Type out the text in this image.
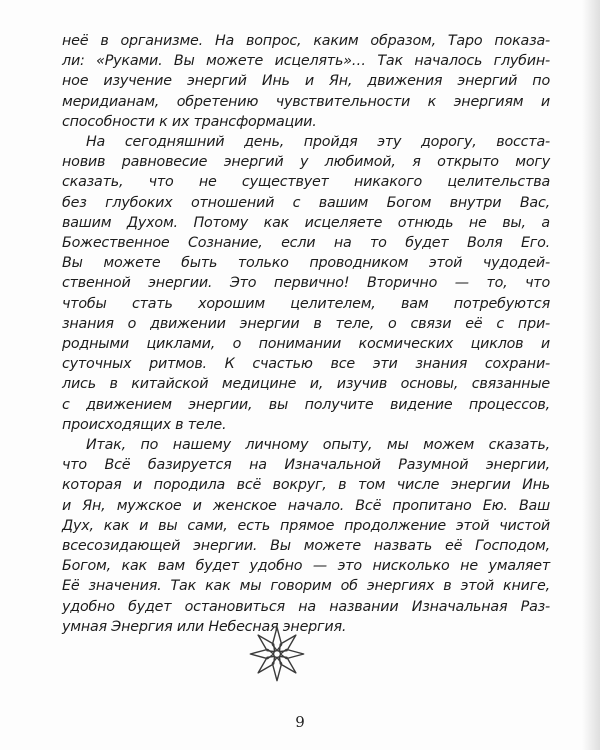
неё в организме. На вопрос, каким образом, Таро показа-
ли: «Руками. Вы можете исцелять»… Так началось глубин-
ное изучение энергий Инь и Ян, движения энергий по
меридианам, обретению чувствительности к энергиям и
способности к их трансформации.
На сегодняшний день, пройдя эту дорогу, восста-
новив равновесие энергий у любимой, я открыто могу
сказать, что не существует никакого целительства
без глубоких отношений с вашим Богом внутри Вас,
вашим Духом. Потому как исцеляете отнюдь не вы, а
Божественное Сознание, если на то будет Воля Его.
Вы можете быть только проводником этой чудодей-
ственной энергии. Это первично! Вторично — то, что
чтобы стать хорошим целителем, вам потребуются
знания о движении энергии в теле, о связи её с при-
родными циклами, о понимании космических циклов и
суточных ритмов. К счастью все эти знания сохрани-
лись в китайской медицине и, изучив основы, связанные
с движением энергии, вы получите видение процессов,
происходящих в теле.
Итак, по нашему личному опыту, мы можем сказать,
что Всё базируется на Изначальной Разумной энергии,
которая и породила всё вокруг, в том числе энергии Инь
и Ян, мужское и женское начало. Всё пропитано Ею. Ваш
Дух, как и вы сами, есть прямое продолжение этой чистой
всесозидающей энергии. Вы можете назвать её Господом,
Богом, как вам будет удобно — это нисколько не умаляет
Её значения. Так как мы говорим об энергиях в этой книге,
удобно будет остановиться на названии Изначальная Раз-
умная Энергия или Небесная энергия.
9
